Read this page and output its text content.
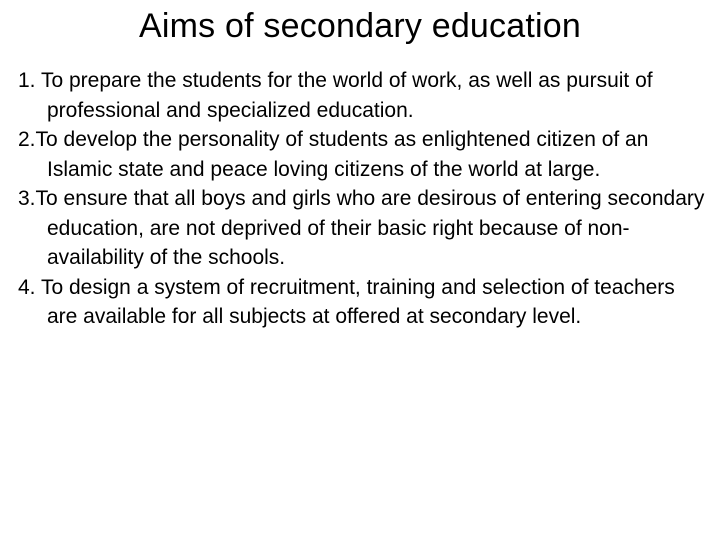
Aims of secondary education
1. To prepare the students for the world of work, as well as pursuit of professional and specialized education.
2.To develop the personality of students as enlightened citizen of an Islamic state and peace loving citizens of the world at large.
3.To ensure that all boys and girls who are desirous of entering secondary education, are not deprived of their basic right because of non-availability of the schools.
4. To design a system of recruitment, training and selection of teachers are available for all subjects at offered at secondary level.
